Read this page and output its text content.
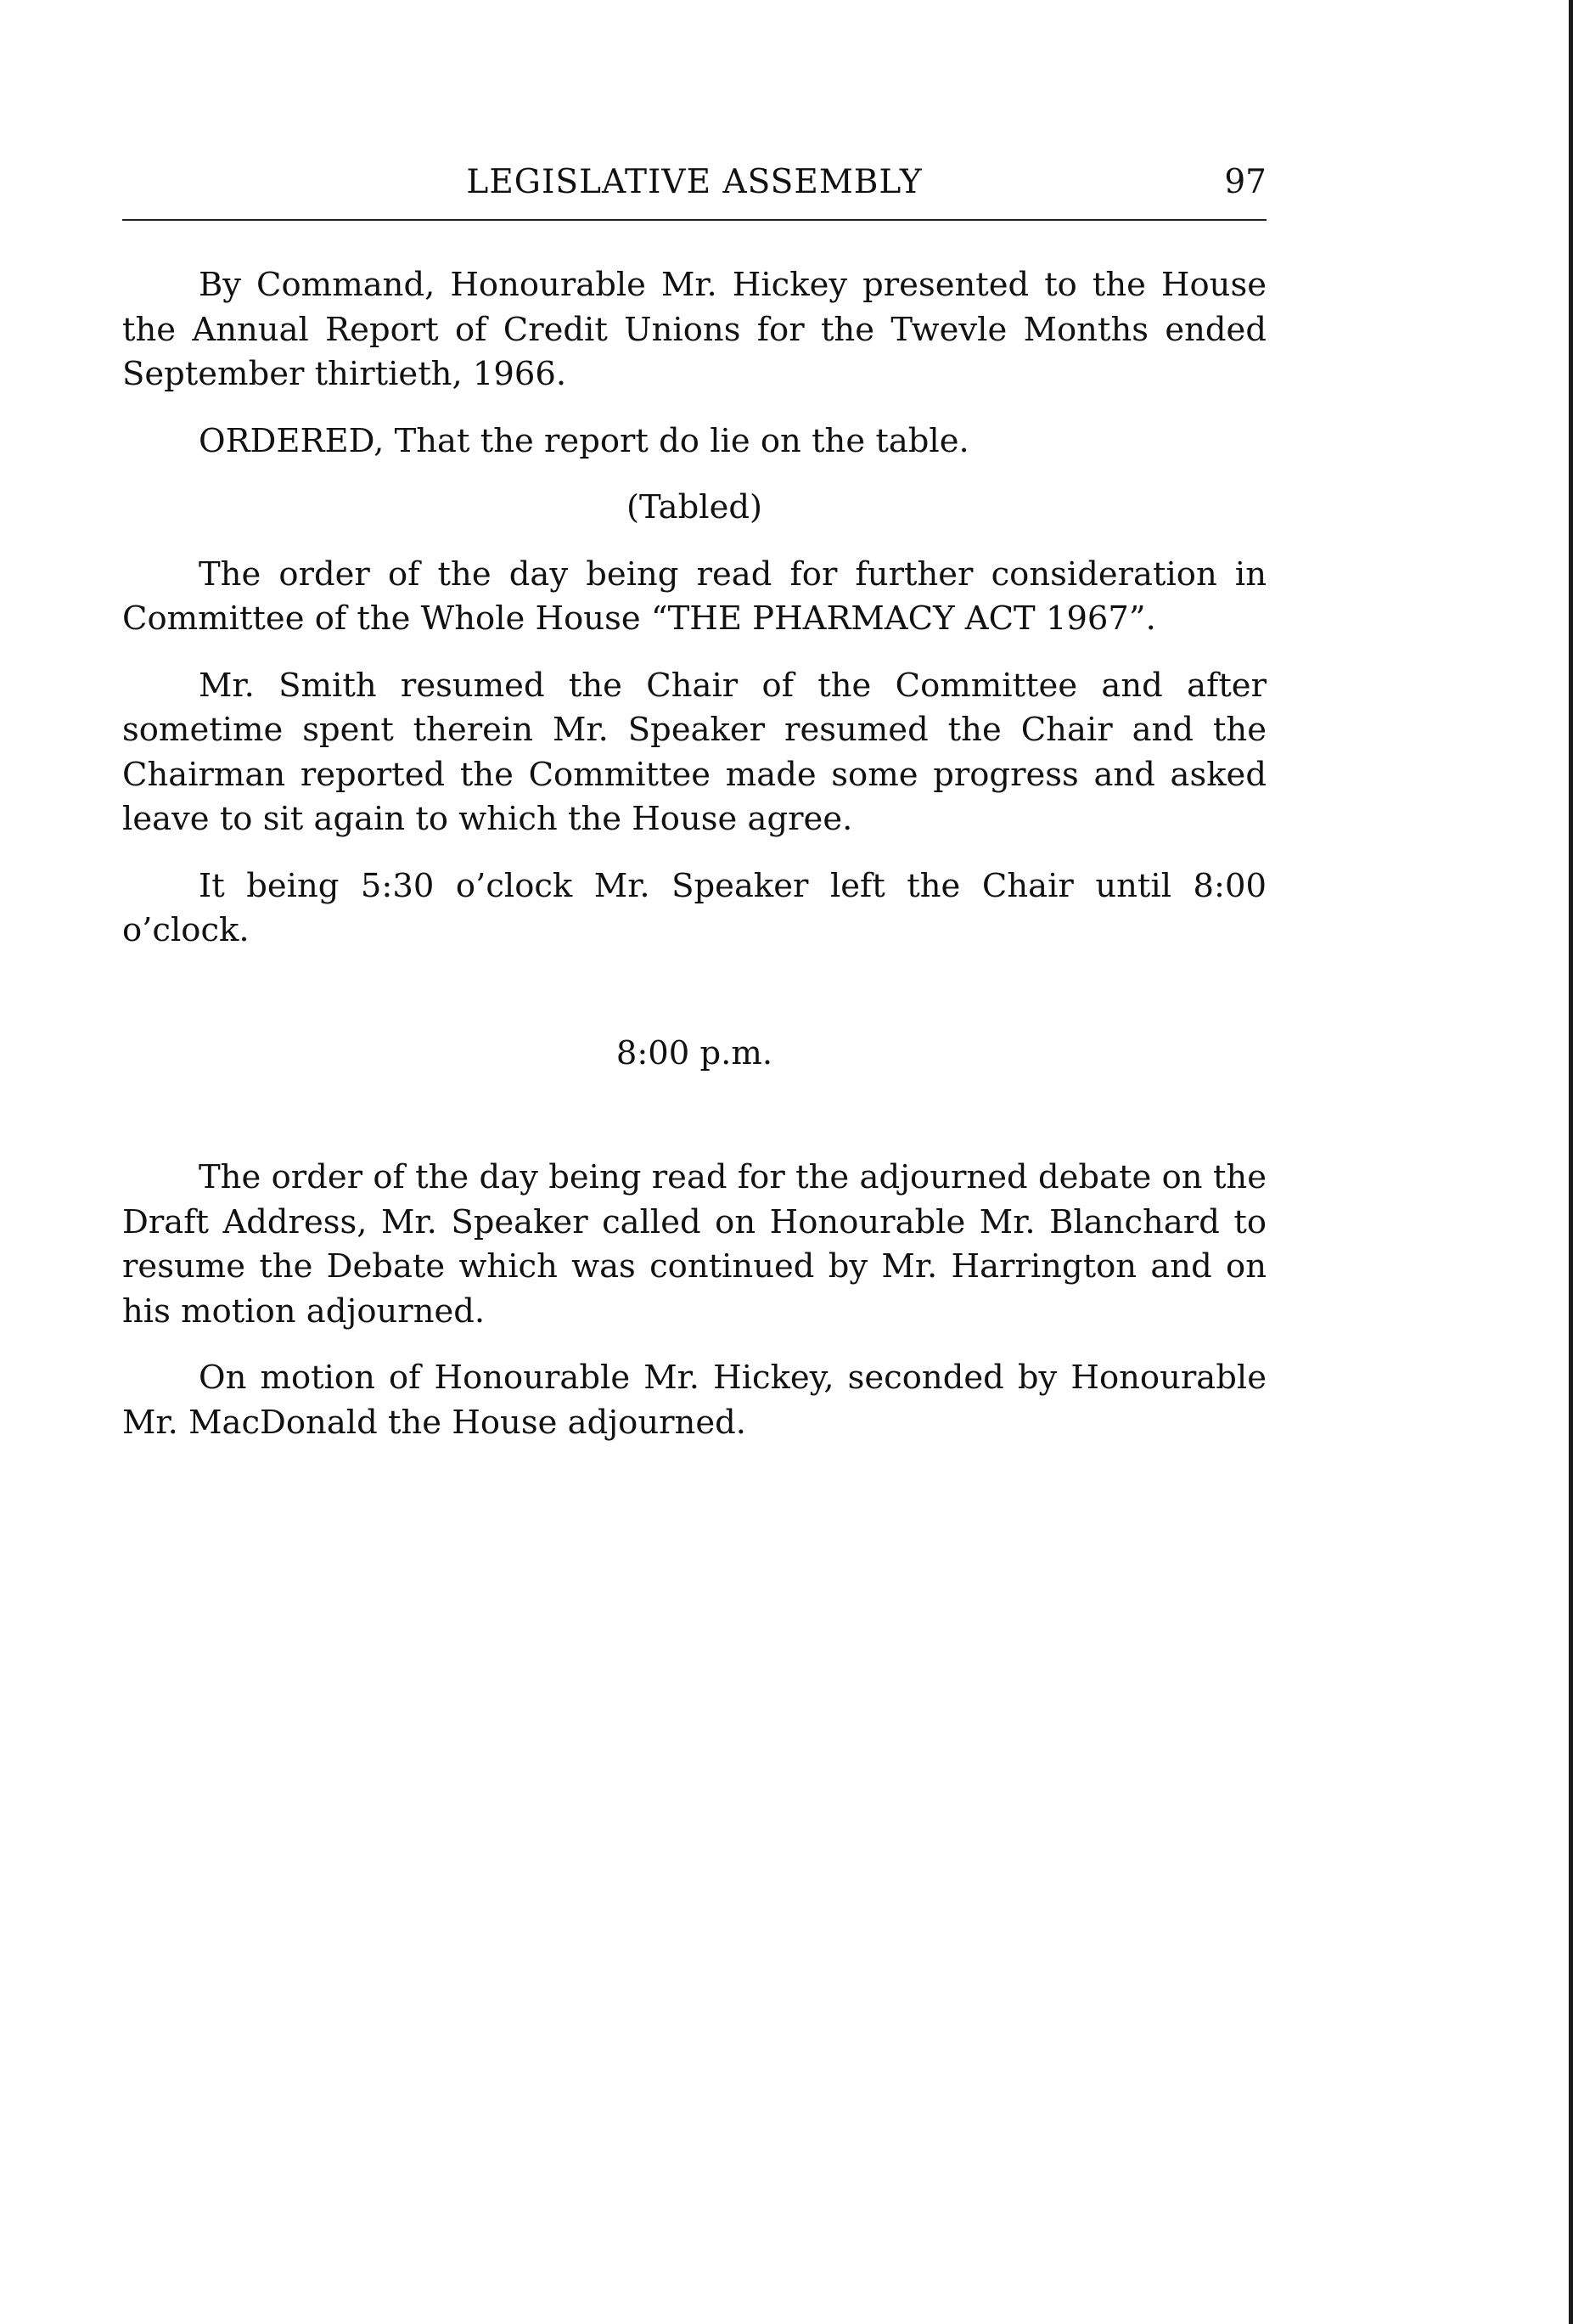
LEGISLATIVE ASSEMBLY	97

By Command, Honourable Mr. Hickey presented to the House the Annual Report of Credit Unions for the Twevle Months ended September thirtieth, 1966.

ORDERED, That the report do lie on the table.

(Tabled)

The order of the day being read for further consideration in Committee of the Whole House “THE PHARMACY ACT 1967”.

Mr. Smith resumed the Chair of the Committee and after sometime spent therein Mr. Speaker resumed the Chair and the Chairman reported the Committee made some progress and asked leave to sit again to which the House agree.

It being 5:30 o’clock Mr. Speaker left the Chair until 8:00 o’clock.

8:00 p.m.

The order of the day being read for the adjourned debate on the Draft Address, Mr. Speaker called on Honourable Mr. Blanchard to resume the Debate which was continued by Mr. Harrington and on his motion adjourned.

On motion of Honourable Mr. Hickey, seconded by Honourable Mr. MacDonald the House adjourned.
